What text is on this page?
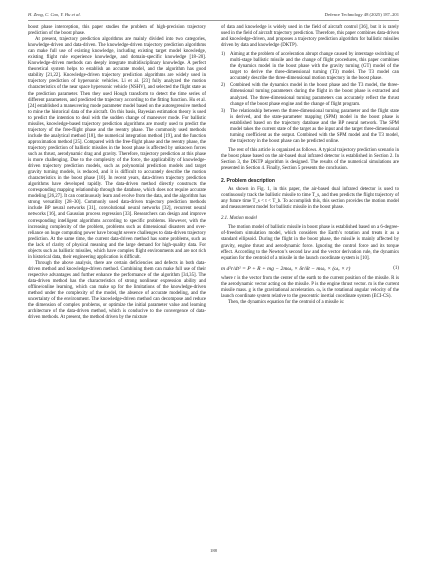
H. Zeng, C. Cao, Y. Hu et al.	Defence Technology 48 (2025) 187–201

boost phase interception, this paper studies the problem of high-precision trajectory prediction of the boost phase.

At present, trajectory prediction algorithms are mainly divided into two categories, knowledge-driven and data-driven. The knowledge-driven trajectory prediction algorithms can make full use of existing knowledge, including existing target model knowledge, existing flight rule experience knowledge, and domain-specific knowledge [18–20]. Knowledge-driven methods can deeply integrate multidisciplinary knowledge. A perfect theoretical system helps to establish an accurate model, and the algorithm has good stability [21,22]. Knowledge-driven trajectory prediction algorithms are widely used in trajectory prediction of hypersonic vehicles. Li et al. [23] fully analyzed the motion characteristics of the near space hypersonic vehicle (NSHV), and selected the flight state as the prediction parameter. Then they used Hough transform to detect the time series of different parameters, and predicted the trajectory according to the fitting function. Hu et al. [24] established a maneuvering mode parameter model based on the autoregressive method to mine the historical data of the aircraft. On this basis, Bayesian estimation theory is used to predict the intention to deal with the sudden change of maneuver mode. For ballistic missiles, knowledge-based trajectory prediction algorithms are mostly used to predict the trajectory of the free-flight phase and the reentry phase. The commonly used methods include the analytical method [18], the numerical integration method [19], and the function approximation method [25]. Compared with the free-flight phase and the reentry phase, the trajectory prediction of ballistic missiles in the boost phase is affected by unknown forces such as thrust, aerodynamic drag and gravity. Therefore, trajectory prediction at this phase is more challenging. Due to the complexity of the force, the applicability of knowledge-driven trajectory prediction models, such as polynomial prediction models and target gravity turning models, is reduced, and it is difficult to accurately describe the motion characteristics in the boost phase [10]. In recent years, data-driven trajectory prediction algorithms have developed rapidly. The data-driven method directly constructs the corresponding mapping relationship through the database, which does not require accurate modeling [26,27]. It can continuously learn and evolve from the data, and the algorithm has strong versatility [28–30]. Commonly used data-driven trajectory prediction methods include BP neural networks [31], convolutional neural networks [32], recurrent neural networks [16], and Gaussian process regression [33]. Researchers can design and improve corresponding intelligent algorithms according to specific problems. However, with the increasing complexity of the problem, problems such as dimensional disasters and over-reliance on huge computing power have brought severe challenges to data-driven trajectory prediction. At the same time, the current data-driven method has some problems, such as the lack of clarity of physical meaning and the large demand for high-quality data. For objects such as ballistic missiles, which have complex flight environments and are not rich in historical data, their engineering application is difficult.

Through the above analysis, there are certain deficiencies and defects in both data-driven method and knowledge-driven method. Combining them can make full use of their respective advantages and further enhance the performance of the algorithm [34,35]. The data-driven method has the characteristics of strong nonlinear expression ability and offline/online learning, which can make up for the limitations of the knowledge-driven method under the complexity of the model, the absence of accurate modeling, and the uncertainty of the environment. The knowledge-driven method can decompose and reduce the dimension of complex problems, or optimize the initial parameter value and learning architecture of the data-driven method, which is conducive to the convergence of data-driven methods. At present, the method driven by the mixture

of data and knowledge is widely used in the field of aircraft control [36], but it is rarely used in the field of aircraft trajectory prediction. Therefore, this paper combines data-driven and knowledge-driven, and proposes a trajectory prediction algorithm for ballistic missiles driven by data and knowledge (DKTP).

1)	Aiming at the problem of acceleration abrupt change caused by interstage switching of multi-stage ballistic missile and the change of flight procedures, this paper combines the dynamics model in the boost phase with the gravity turning (GT) model of the target to derive the three-dimensional turning (T3) model. The T3 model can accurately describe the three-dimensional motion trajectory in the boost phase.
2)	Combined with the dynamics model in the boost phase and the T3 model, the three-dimensional turning parameters during the flight in the boost phase is extracted and analyzed. The three-dimensional turning parameters can accurately reflect the thrust change of the boost phase engine and the change of flight program.
3)	The relationship between the three-dimensional turning parameter and the flight state is derived, and the state-parameter mapping (SPM) model in the boost phase is established based on the trajectory database and the BP neural network. The SPM model takes the current state of the target as the input and the target three-dimensional turning coefficient as the output. Combined with the SPM model and the T3 model, the trajectory in the boost phase can be predicted online.

The rest of this article is organized as follows. A typical trajectory prediction scenario in the boost phase based on the air-based dual infrared detector is established in Section 2. In Section 3, the DKTP algorithm is designed. The results of the numerical simulations are presented in Section 4. Finally, Section 5 presents the conclusion.

2. Problem description

As shown in Fig. 1, in this paper, the air-based dual infrared detector is used to continuously track the ballistic missile to time T_s, and then predicts the flight trajectory of any future time T_s < t < T_b. To accomplish this, this section provides the motion model and measurement model for ballistic missile in the boost phase.

2.1. Motion model

The motion model of ballistic missile in boost phase is established based on a 6-degree-of-freedom simulation model, which considers the Earth’s rotation and treats it as a standard ellipsoid. During the flight in the boost phase, the missile is mainly affected by gravity, engine thrust and aerodynamic force. Ignoring the control force and its torque effect. According to the Newton’s second law and the vector derivation rule, the dynamics equation for the centroid of a missile in the launch coordinate system is [10].

m d²r/dt² = P + R + mg − 2mωₑ × δr/δt − mωₑ × (ωₑ × r)	(1)

where r is the vector from the center of the earth to the current position of the missile. R is the aerodynamic vector acting on the missile. P is the engine thrust vector. m is the current missile mass. g is the gravitational acceleration. ωₑ is the rotational angular velocity of the launch coordinate system relative to the geocentric inertial coordinate system (ECI-CS).

Then, the dynamics equation for the centroid of a missile is:

188
